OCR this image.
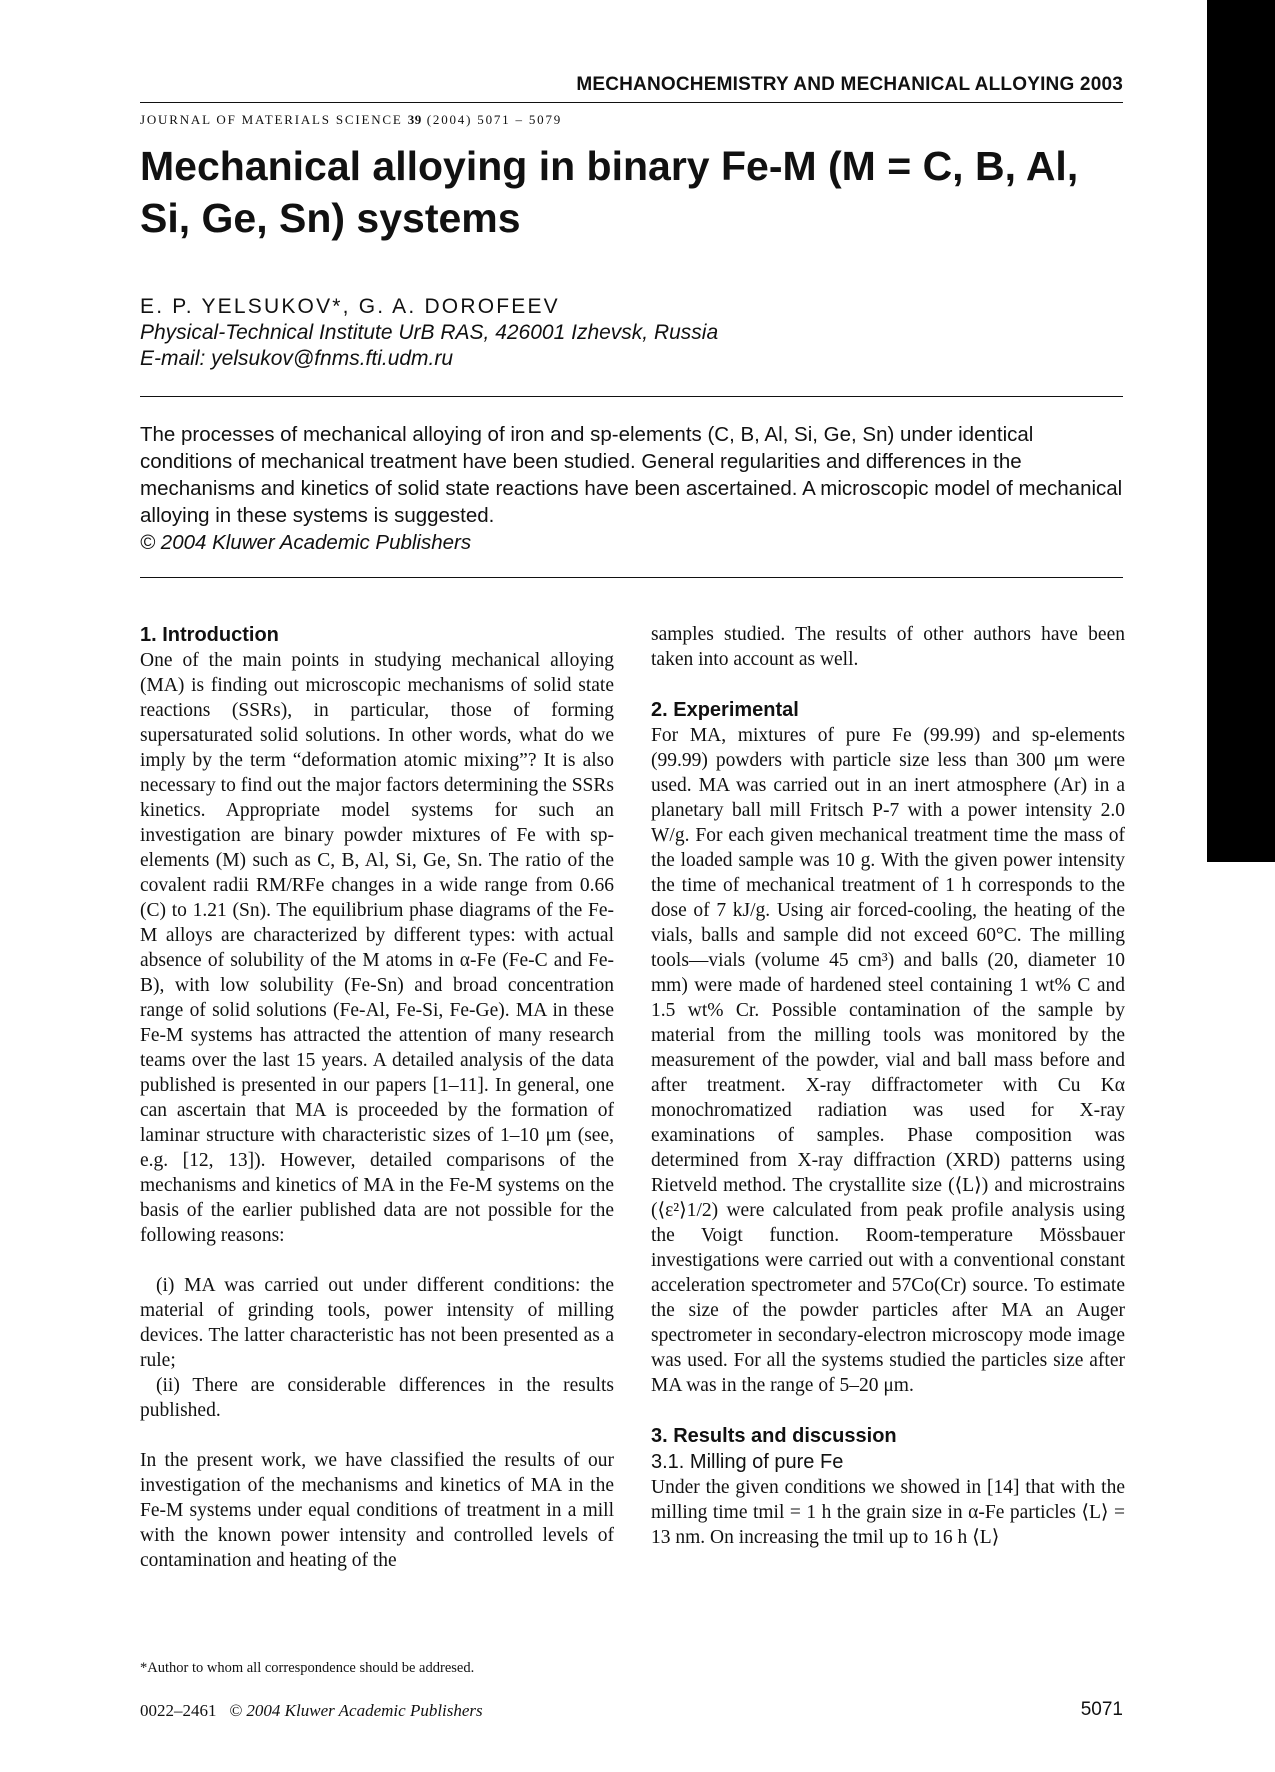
MECHANOCHEMISTRY AND MECHANICAL ALLOYING 2003
JOURNAL OF MATERIALS SCIENCE 39 (2004) 5071 – 5079
Mechanical alloying in binary Fe-M (M = C, B, Al, Si, Ge, Sn) systems
E. P. YELSUKOV*, G. A. DOROFEEV
Physical-Technical Institute UrB RAS, 426001 Izhevsk, Russia
E-mail: yelsukov@fnms.fti.udm.ru
The processes of mechanical alloying of iron and sp-elements (C, B, Al, Si, Ge, Sn) under identical conditions of mechanical treatment have been studied. General regularities and differences in the mechanisms and kinetics of solid state reactions have been ascertained. A microscopic model of mechanical alloying in these systems is suggested.
© 2004 Kluwer Academic Publishers
1. Introduction

One of the main points in studying mechanical alloying (MA) is finding out microscopic mechanisms of solid state reactions (SSRs), in particular, those of forming supersaturated solid solutions. In other words, what do we imply by the term “deformation atomic mixing”? It is also necessary to find out the major factors determining the SSRs kinetics. Appropriate model systems for such an investigation are binary powder mixtures of Fe with sp-elements (M) such as C, B, Al, Si, Ge, Sn. The ratio of the covalent radii RM/RFe changes in a wide range from 0.66 (C) to 1.21 (Sn). The equilibrium phase diagrams of the Fe-M alloys are characterized by different types: with actual absence of solubility of the M atoms in α-Fe (Fe-C and Fe-B), with low solubility (Fe-Sn) and broad concentration range of solid solutions (Fe-Al, Fe-Si, Fe-Ge). MA in these Fe-M systems has attracted the attention of many research teams over the last 15 years. A detailed analysis of the data published is presented in our papers [1–11]. In general, one can ascertain that MA is proceeded by the formation of laminar structure with characteristic sizes of 1–10 μm (see, e.g. [12, 13]). However, detailed comparisons of the mechanisms and kinetics of MA in the Fe-M systems on the basis of the earlier published data are not possible for the following reasons:

(i) MA was carried out under different conditions: the material of grinding tools, power intensity of milling devices. The latter characteristic has not been presented as a rule;

(ii) There are considerable differences in the results published.

In the present work, we have classified the results of our investigation of the mechanisms and kinetics of MA in the Fe-M systems under equal conditions of treatment in a mill with the known power intensity and controlled levels of contamination and heating of the

samples studied. The results of other authors have been taken into account as well.

2. Experimental

For MA, mixtures of pure Fe (99.99) and sp-elements (99.99) powders with particle size less than 300 μm were used. MA was carried out in an inert atmosphere (Ar) in a planetary ball mill Fritsch P-7 with a power intensity 2.0 W/g. For each given mechanical treatment time the mass of the loaded sample was 10 g. With the given power intensity the time of mechanical treatment of 1 h corresponds to the dose of 7 kJ/g. Using air forced-cooling, the heating of the vials, balls and sample did not exceed 60°C. The milling tools—vials (volume 45 cm³) and balls (20, diameter 10 mm) were made of hardened steel containing 1 wt% C and 1.5 wt% Cr. Possible contamination of the sample by material from the milling tools was monitored by the measurement of the powder, vial and ball mass before and after treatment. X-ray diffractometer with Cu Kα monochromatized radiation was used for X-ray examinations of samples. Phase composition was determined from X-ray diffraction (XRD) patterns using Rietveld method. The crystallite size (⟨L⟩) and microstrains (⟨ε²⟩1/2) were calculated from peak profile analysis using the Voigt function. Room-temperature Mössbauer investigations were carried out with a conventional constant acceleration spectrometer and 57Co(Cr) source. To estimate the size of the powder particles after MA an Auger spectrometer in secondary-electron microscopy mode image was used. For all the systems studied the particles size after MA was in the range of 5–20 μm.

3. Results and discussion
3.1. Milling of pure Fe

Under the given conditions we showed in [14] that with the milling time tmil = 1 h the grain size in α-Fe particles ⟨L⟩ = 13 nm. On increasing the tmil up to 16 h ⟨L⟩

*Author to whom all correspondence should be addresed.
0022–2461 © 2004 Kluwer Academic Publishers	5071
